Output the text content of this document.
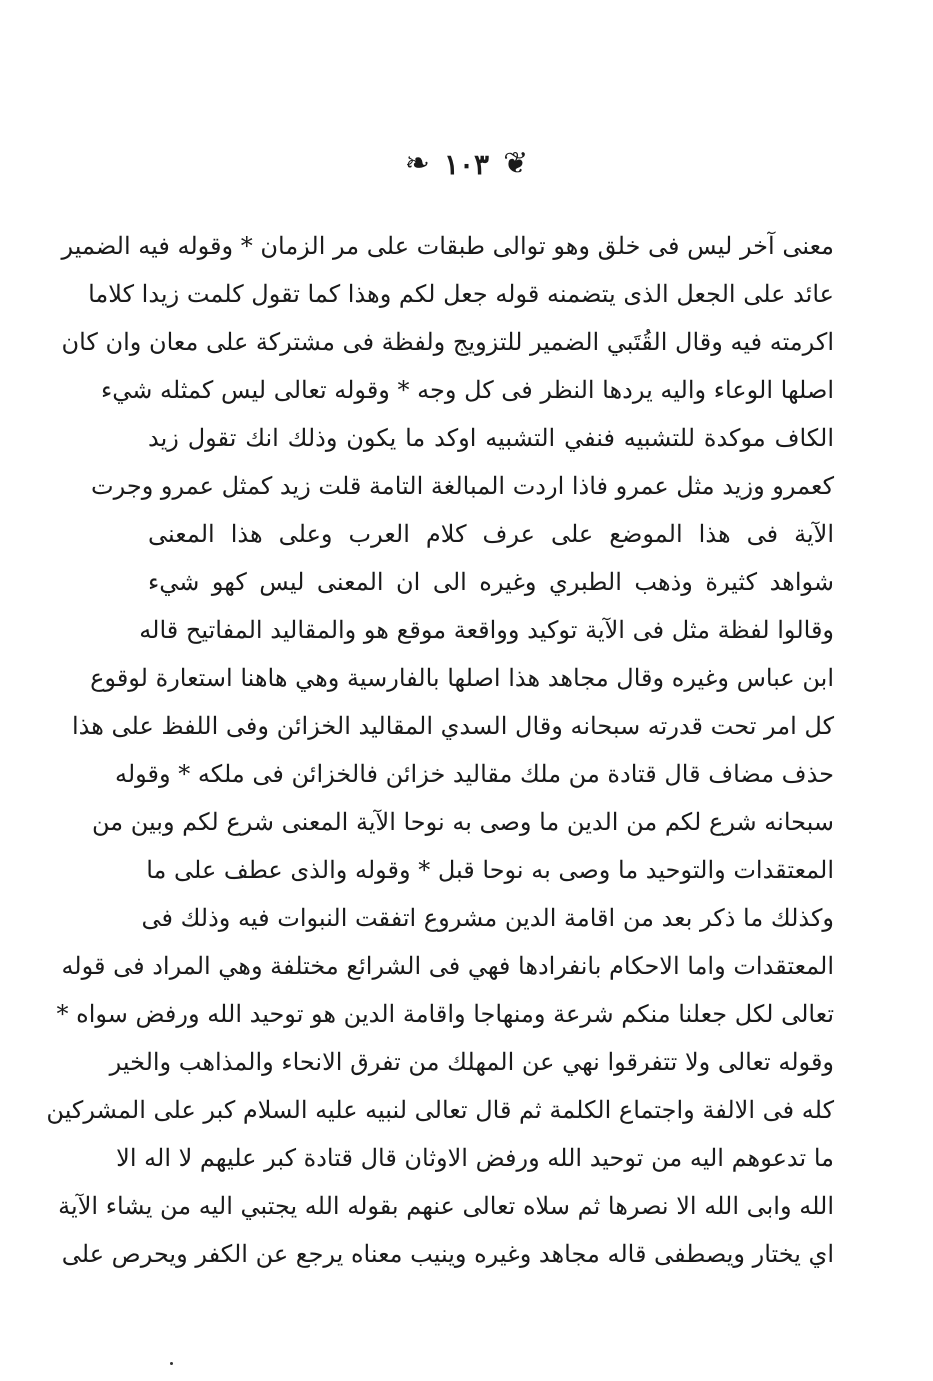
❦
١٠٣
❧
معنى آخر ليس فى خلق وهو توالى طبقات على مر الزمان * وقوله فيه الضمير
عائد على الجعل الذى يتضمنه قوله جعل لكم وهذا كما تقول كلمت زيدا كلاما
اكرمته فيه وقال القُتَبي الضمير للتزويج ولفظة فى مشتركة على معان وان كان
اصلها الوعاء واليه يردها النظر فى كل وجه * وقوله تعالى ليس كمثله شيء
الكاف موكدة للتشبيه فنفي التشبيه اوكد ما يكون وذلك انك تقول زيد
كعمرو وزيد مثل عمرو فاذا اردت المبالغة التامة قلت زيد كمثل عمرو وجرت
الآية فى هذا الموضع على عرف كلام العرب وعلى هذا المعنى
شواهد كثيرة وذهب الطبري وغيره الى ان المعنى ليس كهو شيء
وقالوا لفظة مثل فى الآية توكيد وواقعة موقع هو والمقاليد المفاتيح قاله
ابن عباس وغيره وقال مجاهد هذا اصلها بالفارسية وهي هاهنا استعارة لوقوع
كل امر تحت قدرته سبحانه وقال السدي المقاليد الخزائن وفى اللفظ على هذا
حذف مضاف قال قتادة من ملك مقاليد خزائن فالخزائن فى ملكه * وقوله
سبحانه شرع لكم من الدين ما وصى به نوحا الآية المعنى شرع لكم وبين من
المعتقدات والتوحيد ما وصى به نوحا قبل * وقوله والذى عطف على ما
وكذلك ما ذكر بعد من اقامة الدين مشروع اتفقت النبوات فيه وذلك فى
المعتقدات واما الاحكام بانفرادها فهي فى الشرائع مختلفة وهي المراد فى قوله
تعالى لكل جعلنا منكم شرعة ومنهاجا واقامة الدين هو توحيد الله ورفض سواه *
وقوله تعالى ولا تتفرقوا نهي عن المهلك من تفرق الانحاء والمذاهب والخير
كله فى الالفة واجتماع الكلمة ثم قال تعالى لنبيه عليه السلام كبر على المشركين
ما تدعوهم اليه من توحيد الله ورفض الاوثان قال قتادة كبر عليهم لا اله الا
الله وابى الله الا نصرها ثم سلاه تعالى عنهم بقوله الله يجتبي اليه من يشاء الآية
اي يختار ويصطفى قاله مجاهد وغيره وينيب معناه يرجع عن الكفر ويحرص على
